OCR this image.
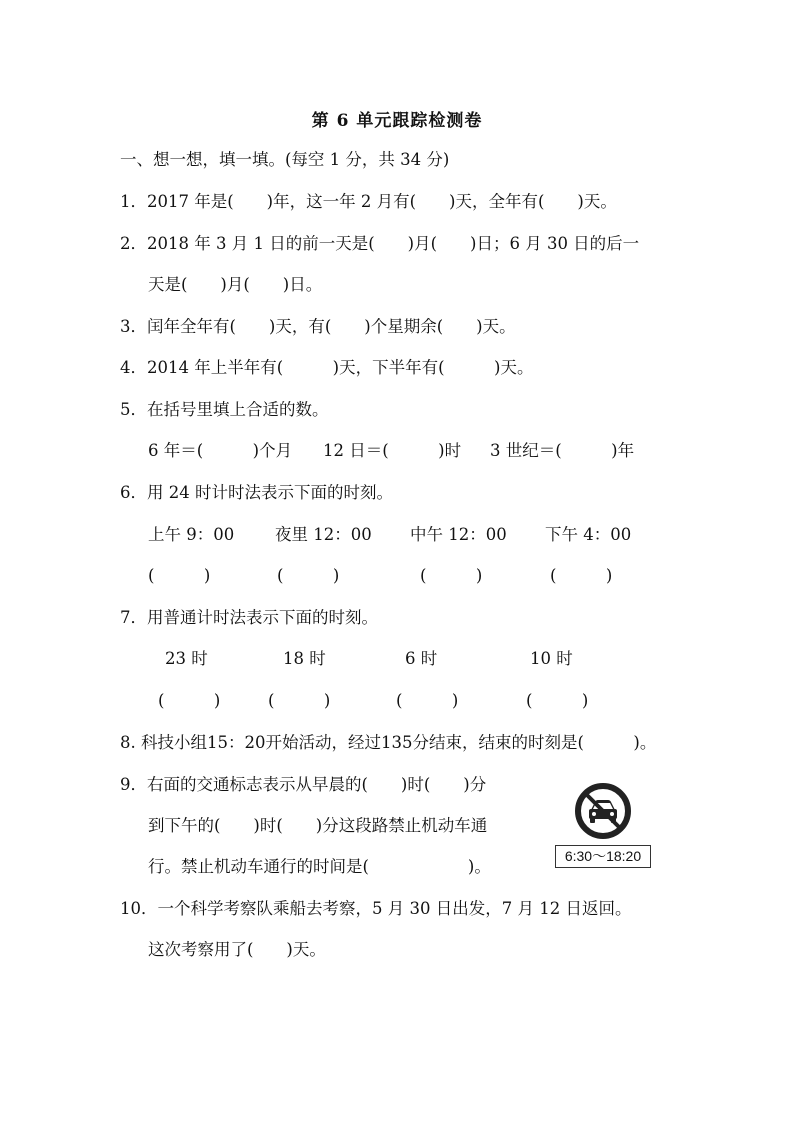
第 6 单元跟踪检测卷
一、想一想，填一填。(每空 1 分，共 34 分)
1．2017 年是(　　)年，这一年 2 月有(　　)天，全年有(　　)天。
2．2018 年 3 月 1 日的前一天是(　　)月(　　)日；6 月 30 日的后一
天是(　　)月(　　)日。
3．闰年全年有(　　)天，有(　　)个星期余(　　)天。
4．2014 年上半年有(　　　)天，下半年有(　　　)天。
5．在括号里填上合适的数。
6 年＝(　　　)个月 12 日＝(　　　)时 3 世纪＝(　　　)年
6．用 24 时计时法表示下面的时刻。
上午 9：00 夜里 12：00 中午 12：00 下午 4：00
(　　　)	(　　　)	(　　　)	(　　　)
7．用普通计时法表示下面的时刻。
23 时	18 时	6 时	10 时
(　　　)	(　　　)	(　　　)	(　　　)
8. 科技小组15：20开始活动，经过135分结束，结束的时刻是(　　　)。
9．右面的交通标志表示从早晨的(　　)时(　　)分
到下午的(　　)时(　　)分这段路禁止机动车通
行。禁止机动车通行的时间是(　　　　　　)。
6:30～18:20
10．一个科学考察队乘船去考察，5 月 30 日出发，7 月 12 日返回。
这次考察用了(　　)天。
